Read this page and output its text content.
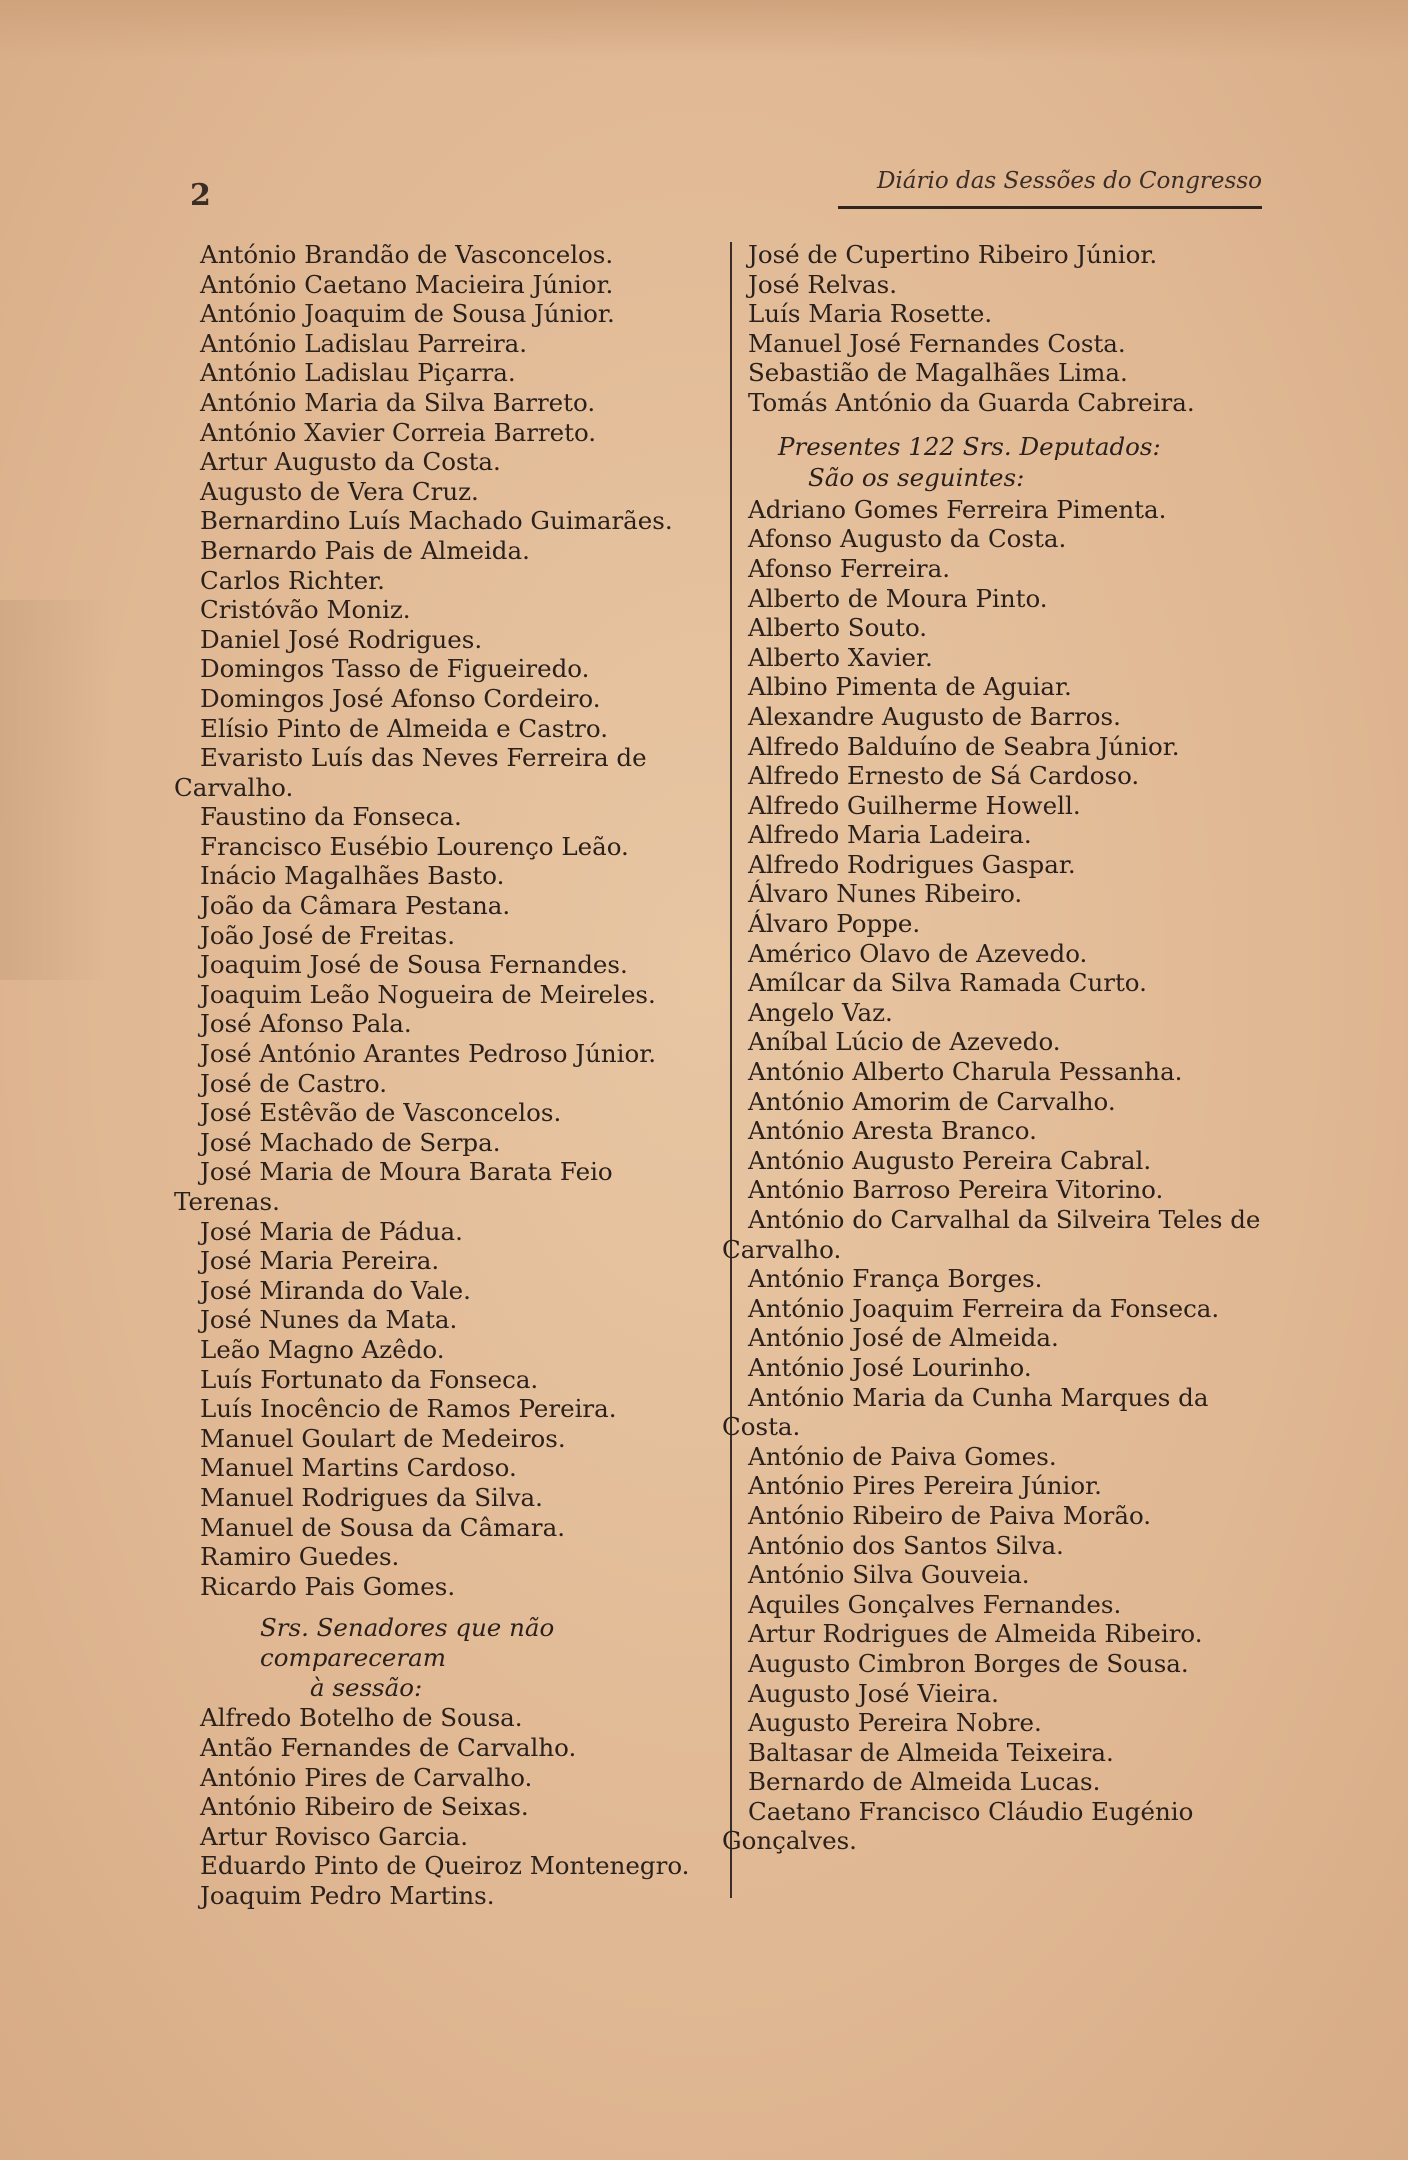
2	Diário das Sessões do Congresso
António Brandão de Vasconcelos.
António Caetano Macieira Júnior.
António Joaquim de Sousa Júnior.
António Ladislau Parreira.
António Ladislau Piçarra.
António Maria da Silva Barreto.
António Xavier Correia Barreto.
Artur Augusto da Costa.
Augusto de Vera Cruz.
Bernardino Luís Machado Guimarães.
Bernardo Pais de Almeida.
Carlos Richter.
Cristóvão Moniz.
Daniel José Rodrigues.
Domingos Tasso de Figueiredo.
Domingos José Afonso Cordeiro.
Elísio Pinto de Almeida e Castro.
Evaristo Luís das Neves Ferreira de Carvalho.
Faustino da Fonseca.
Francisco Eusébio Lourenço Leão.
Inácio Magalhães Basto.
João da Câmara Pestana.
João José de Freitas.
Joaquim José de Sousa Fernandes.
Joaquim Leão Nogueira de Meireles.
José Afonso Pala.
José António Arantes Pedroso Júnior.
José de Castro.
José Estêvão de Vasconcelos.
José Machado de Serpa.
José Maria de Moura Barata Feio Terenas.
José Maria de Pádua.
José Maria Pereira.
José Miranda do Vale.
José Nunes da Mata.
Leão Magno Azêdo.
Luís Fortunato da Fonseca.
Luís Inocêncio de Ramos Pereira.
Manuel Goulart de Medeiros.
Manuel Martins Cardoso.
Manuel Rodrigues da Silva.
Manuel de Sousa da Câmara.
Ramiro Guedes.
Ricardo Pais Gomes.
Srs. Senadores que não compareceram
à sessão:
Alfredo Botelho de Sousa.
Antão Fernandes de Carvalho.
António Pires de Carvalho.
António Ribeiro de Seixas.
Artur Rovisco Garcia.
Eduardo Pinto de Queiroz Montenegro.
Joaquim Pedro Martins.
José de Cupertino Ribeiro Júnior.
José Relvas.
Luís Maria Rosette.
Manuel José Fernandes Costa.
Sebastião de Magalhães Lima.
Tomás António da Guarda Cabreira.
Presentes 122 Srs. Deputados:
São os seguintes:
Adriano Gomes Ferreira Pimenta.
Afonso Augusto da Costa.
Afonso Ferreira.
Alberto de Moura Pinto.
Alberto Souto.
Alberto Xavier.
Albino Pimenta de Aguiar.
Alexandre Augusto de Barros.
Alfredo Balduíno de Seabra Júnior.
Alfredo Ernesto de Sá Cardoso.
Alfredo Guilherme Howell.
Alfredo Maria Ladeira.
Alfredo Rodrigues Gaspar.
Álvaro Nunes Ribeiro.
Álvaro Poppe.
Américo Olavo de Azevedo.
Amílcar da Silva Ramada Curto.
Angelo Vaz.
Aníbal Lúcio de Azevedo.
António Alberto Charula Pessanha.
António Amorim de Carvalho.
António Aresta Branco.
António Augusto Pereira Cabral.
António Barroso Pereira Vitorino.
António do Carvalhal da Silveira Teles de Carvalho.
António França Borges.
António Joaquim Ferreira da Fonseca.
António José de Almeida.
António José Lourinho.
António Maria da Cunha Marques da Costa.
António de Paiva Gomes.
António Pires Pereira Júnior.
António Ribeiro de Paiva Morão.
António dos Santos Silva.
António Silva Gouveia.
Aquiles Gonçalves Fernandes.
Artur Rodrigues de Almeida Ribeiro.
Augusto Cimbron Borges de Sousa.
Augusto José Vieira.
Augusto Pereira Nobre.
Baltasar de Almeida Teixeira.
Bernardo de Almeida Lucas.
Caetano Francisco Cláudio Eugénio Gonçalves.
